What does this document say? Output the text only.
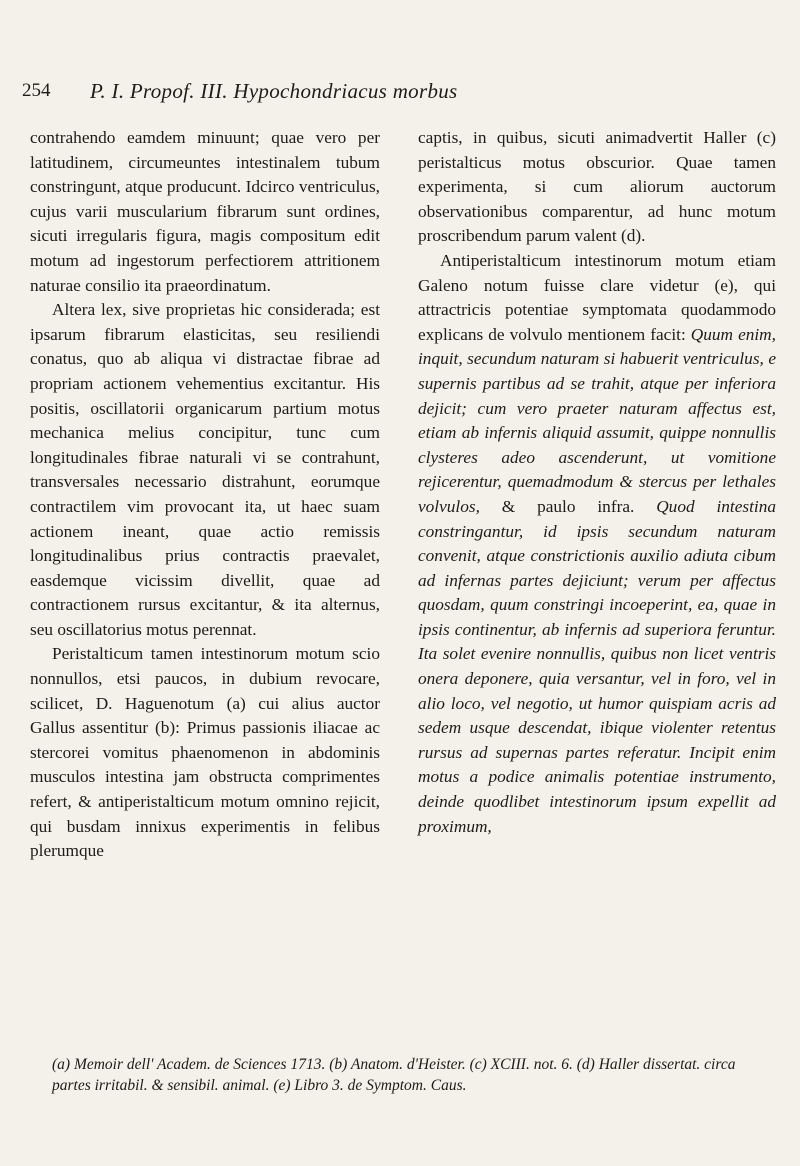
254 P. I. Propof. III. Hypochondriacus morbus

contrahendo eamdem minuunt; quae vero per latitudinem, circumeuntes intestinalem tubum constringunt, atque producunt. Idcirco ventriculus, cujus varii muscularium fibrarum sunt ordines, sicuti irregularis figura, magis compositum edit motum ad ingestorum perfectiorem attritionem naturae consilio ita praeordinatum.

Altera lex, sive proprietas hic considerada; est ipsarum fibrarum elasticitas, seu resiliendi conatus, quo ab aliqua vi distractae fibrae ad propriam actionem vehementius excitantur. His positis, oscillatorii organicarum partium motus mechanica melius concipitur, tunc cum longitudinales fibrae naturali vi se contrahunt, transversales necessario distrahunt, eorumque contractilem vim provocant ita, ut haec suam actionem ineant, quae actio remissis longitudinalibus prius contractis praevalet, easdemque vicissim divellit, quae ad contractionem rursus excitantur, & ita alternus, seu oscillatorius motus perennat.

Peristalticum tamen intestinorum motum scio nonnullos, etsi paucos, in dubium revocare, scilicet, D. Haguenotum (a) cui alius auctor Gallus assentitur (b): Primus passionis iliacae ac stercorei vomitus phaenomenon in abdominis musculos intestina jam obstructa comprimentes refert, & antiperistalticum motum omnino rejicit, qui busdam innixus experimentis in felibus plerumque

captis, in quibus, sicuti animadvertit Haller (c) peristalticus motus obscurior. Quae tamen experimenta, si cum aliorum auctorum observationibus comparentur, ad hunc motum proscribendum parum valent (d).

Antiperistalticum intestinorum motum etiam Galeno notum fuisse clare videtur (e), qui attractricis potentiae symptomata quodammodo explicans de volvulo mentionem facit: Quum enim, inquit, secundum naturam si habuerit ventriculus, e supernis partibus ad se trahit, atque per inferiora dejicit; cum vero praeter naturam affectus est, etiam ab infernis aliquid assumit, quippe nonnullis clysteres adeo ascenderunt, ut vomitione rejicerentur, quemadmodum & stercus per lethales volvulos, & paulo infra. Quod intestina constringantur, id ipsis secundum naturam convenit, atque constrictionis auxilio adiuta cibum ad infernas partes dejiciunt; verum per affectus quosdam, quum constringi incoeperint, ea, quae in ipsis continentur, ab infernis ad superiora feruntur. Ita solet evenire nonnullis, quibus non licet ventris onera deponere, quia versantur, vel in foro, vel in alio loco, vel negotio, ut humor quispiam acris ad sedem usque descendat, ibique violenter retentus rursus ad supernas partes referatur. Incipit enim motus a podice animalis potentiae instrumento, deinde quodlibet intestinorum ipsum expellit ad proximum,

(a) Memoir dell' Academ. de Sciences 1713. (b) Anatom. d'Heister. (c) XCIII. not. 6. (d) Haller dissertat. circa partes irritabil. & sensibil. animal. (e) Libro 3. de Symptom. Caus.
